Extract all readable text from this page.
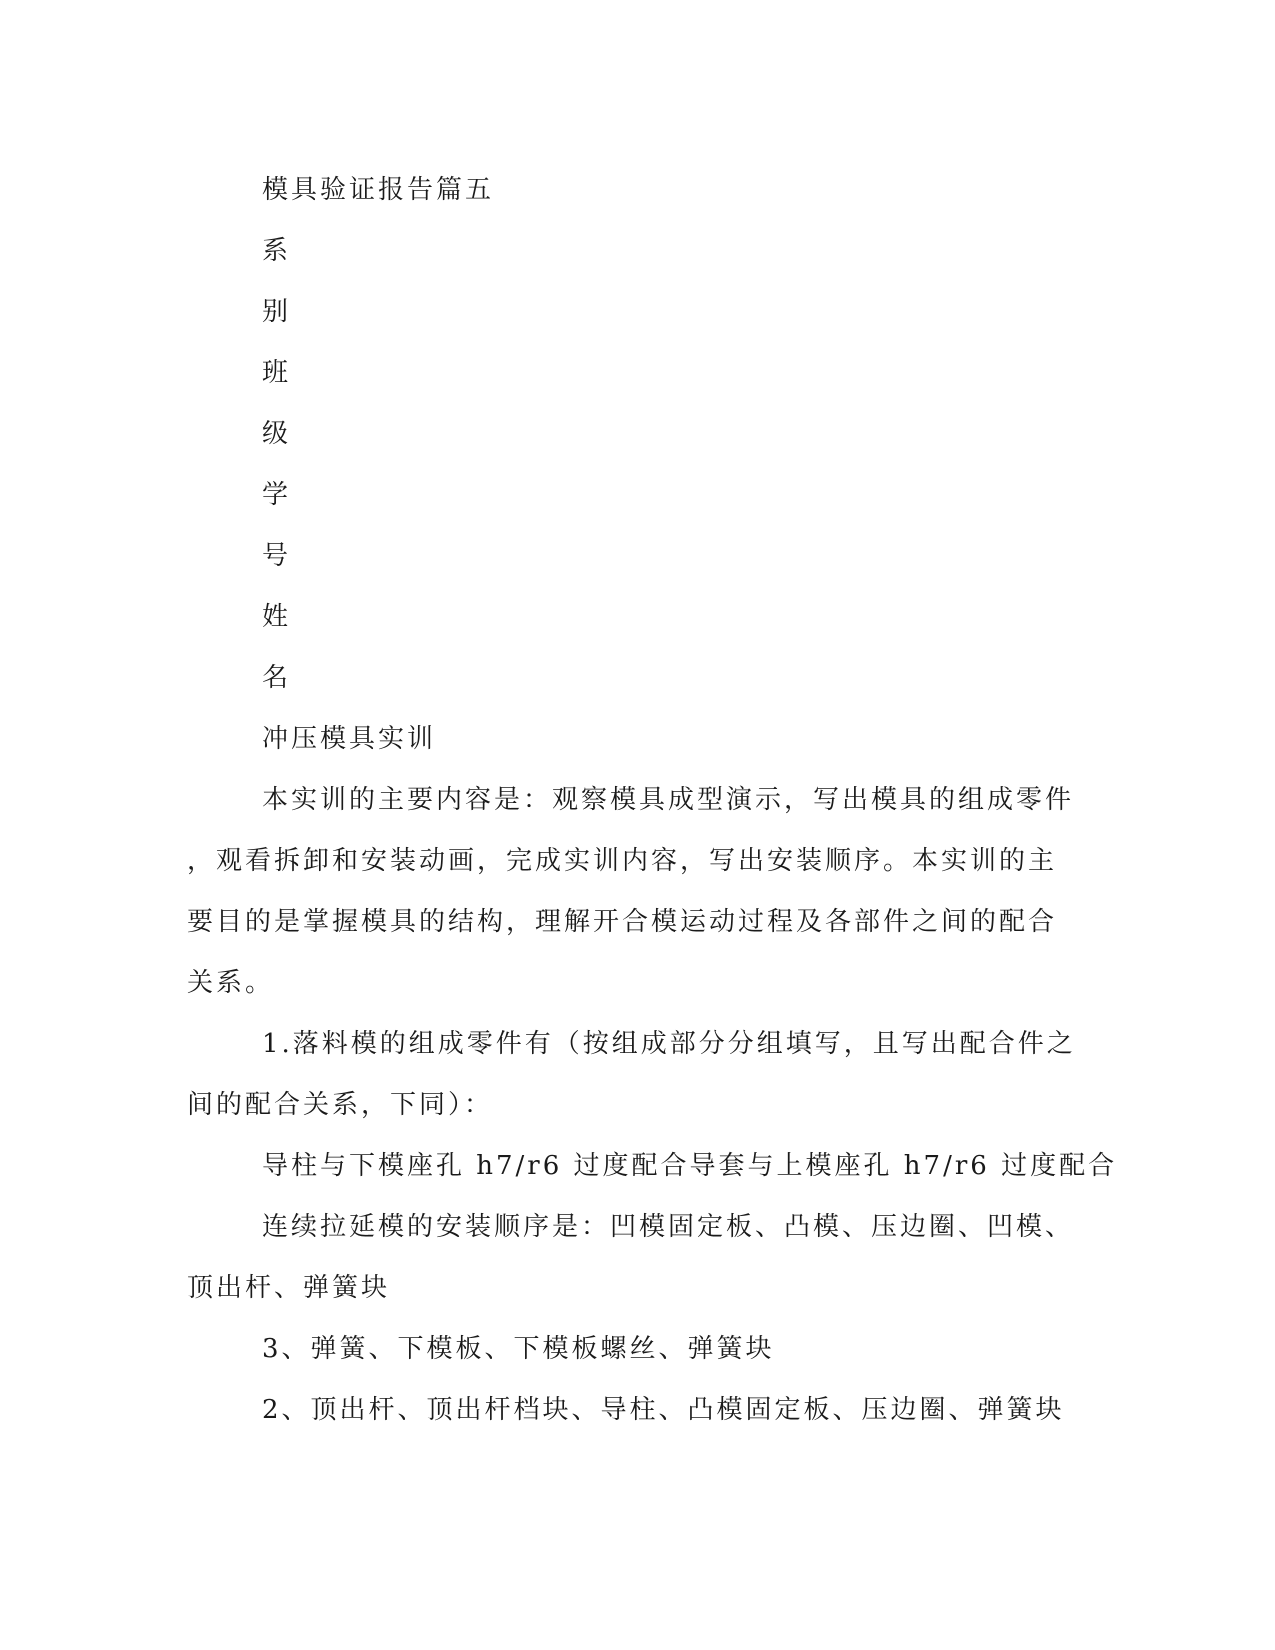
模具验证报告篇五
系
别
班
级
学
号
姓
名
冲压模具实训
本实训的主要内容是：观察模具成型演示，写出模具的组成零件
，观看拆卸和安装动画，完成实训内容，写出安装顺序。本实训的主
要目的是掌握模具的结构，理解开合模运动过程及各部件之间的配合
关系。
1.落料模的组成零件有（按组成部分分组填写，且写出配合件之
间的配合关系，下同）：
导柱与下模座孔 h7/r6 过度配合导套与上模座孔 h7/r6 过度配合
连续拉延模的安装顺序是：凹模固定板、凸模、压边圈、凹模、
顶出杆、弹簧块
3、弹簧、下模板、下模板螺丝、弹簧块
2、顶出杆、顶出杆档块、导柱、凸模固定板、压边圈、弹簧块
